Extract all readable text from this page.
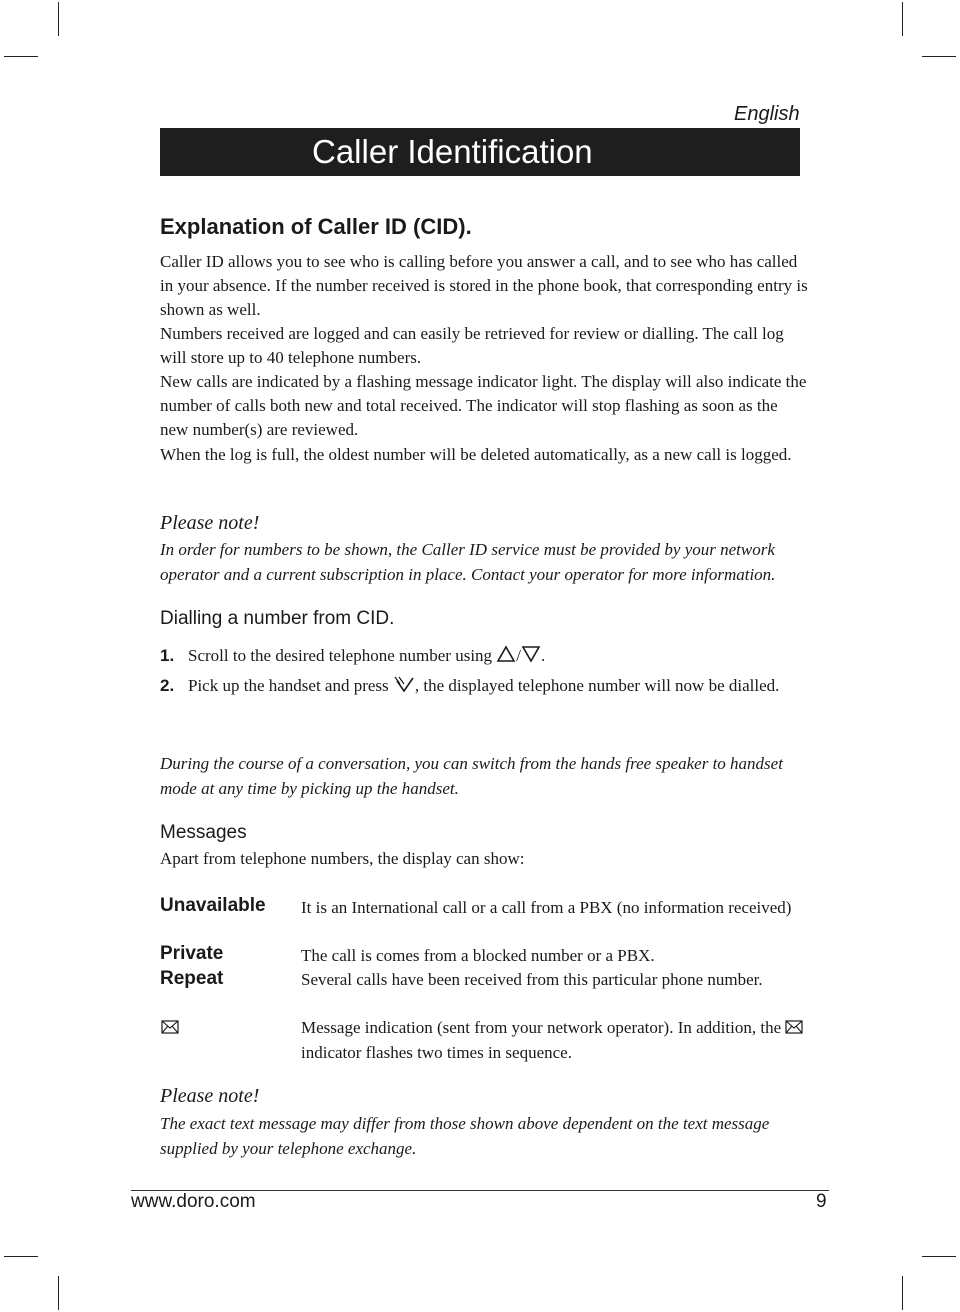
English
Caller Identification
Explanation of Caller ID (CID).
Caller ID allows you to see who is calling before you answer a call, and to see who has called in your absence. If the number received is stored in the phone book, that corresponding entry is shown as well.
Numbers received are logged and can easily be retrieved for review or dialling. The call log will store up to 40 telephone numbers.
New calls are indicated by a flashing message indicator light. The display will also indicate the number of calls both new and total received. The indicator will stop flashing as soon as the new number(s) are reviewed.
When the log is full, the oldest number will be deleted automatically, as a new call is logged.
Please note!
In order for numbers to be shown, the Caller ID service must be provided by your network operator and a current subscription in place. Contact your operator for more information.
Dialling a number from CID.
1. Scroll to the desired telephone number using / .
2. Pick up the handset and press , the displayed telephone number will now be dialled.
During the course of a conversation, you can switch from the hands free speaker to handset mode at any time by picking up the handset.
Messages
Apart from telephone numbers, the display can show:
Unavailable It is an International call or a call from a PBX (no information received)
Private	The call is comes from a blocked number or a PBX.
Repeat	Several calls have been received from this particular phone number.
Message indication (sent from your network operator). In addition, the  indicator flashes two times in sequence.
Please note!
The exact text message may differ from those shown above dependent on the text message supplied by your telephone exchange.
www.doro.com	9
